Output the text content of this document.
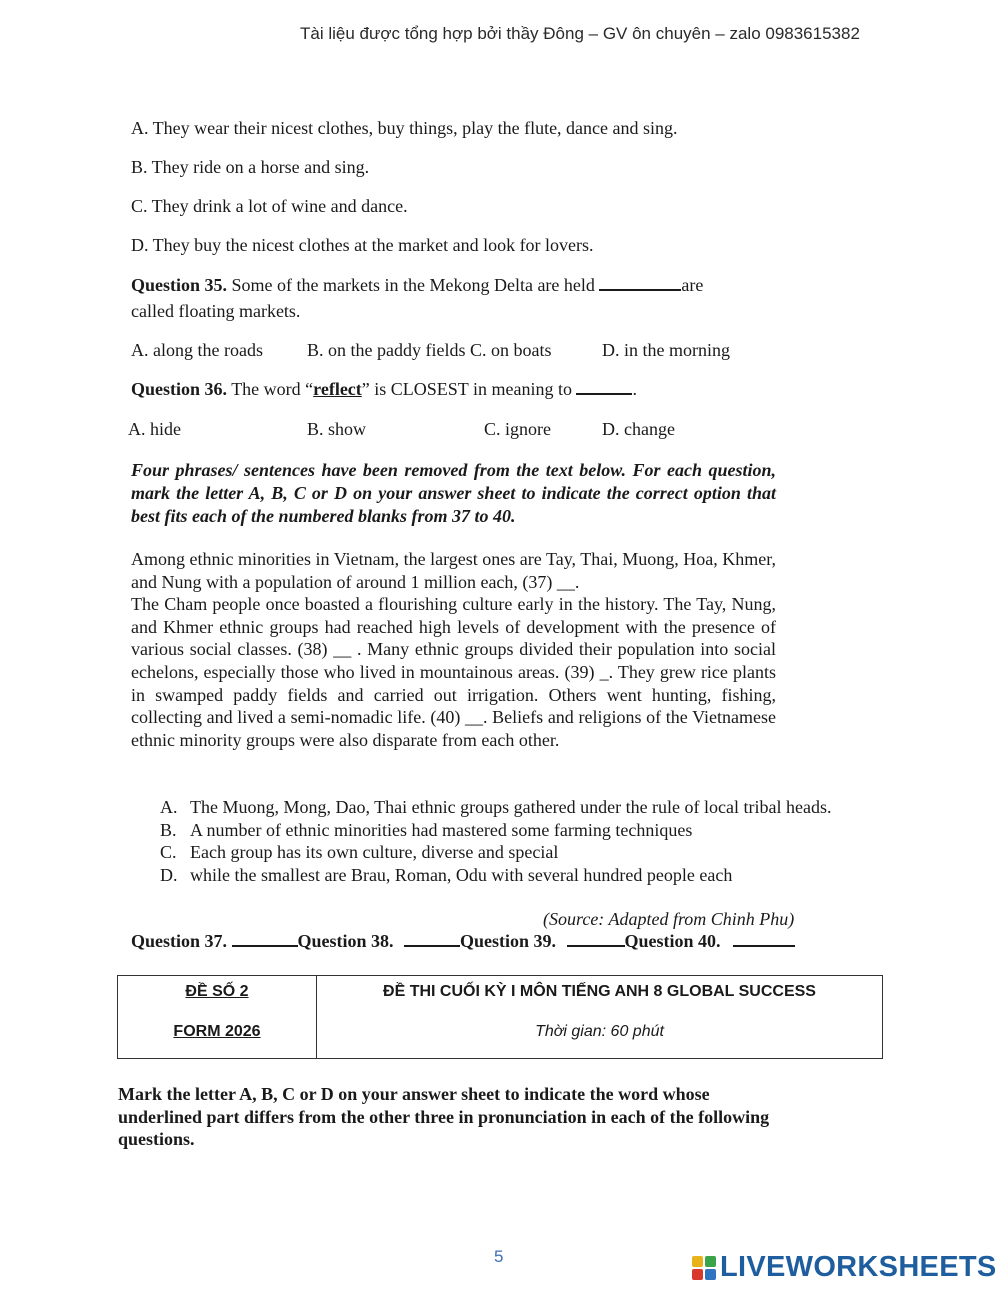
Tài liệu được tổng hợp bởi thầy Đông – GV ôn chuyên – zalo 0983615382
A. They wear their nicest clothes, buy things, play the flute, dance and sing.
B. They ride on a horse and sing.
C. They drink a lot of wine and dance.
D. They buy the nicest clothes at the market and look for lovers.
Question 35. Some of the markets in the Mekong Delta are held	are
called floating markets.
A. along the roads B. on the paddy fields C. on boats	D. in the morning
Question 36. The word “reflect” is CLOSEST in meaning to	.
A. hide	B. show	C. ignore	D. change
Four phrases/ sentences have been removed from the text below. For each question, mark the letter A, B, C or D on your answer sheet to indicate the correct option that best fits each of the numbered blanks from 37 to 40.

Among ethnic minorities in Vietnam, the largest ones are Tay, Thai, Muong, Hoa, Khmer, and Nung with a population of around 1 million each, (37) __.

The Cham people once boasted a flourishing culture early in the history. The Tay, Nung, and Khmer ethnic groups had reached high levels of development with the presence of various social classes. (38) __ . Many ethnic groups divided their population into social echelons, especially those who lived in mountainous areas. (39) _. They grew rice plants in swamped paddy fields and carried out irrigation. Others went hunting, fishing, collecting and lived a semi-nomadic life. (40) __. Beliefs and religions of the Vietnamese ethnic minority groups were also disparate from each other.

A. The Muong, Mong, Dao, Thai ethnic groups gathered under the rule of local tribal heads.
B. A number of ethnic minorities had mastered some farming techniques
C. Each group has its own culture, diverse and special
D. while the smallest are Brau, Roman, Odu with several hundred people each
(Source: Adapted from Chinh Phu)
Question 37.	Question 38.	Question 39.	Question 40.
ĐỀ SỐ 2
FORM 2026

ĐỀ THI CUỐI KỲ I MÔN TIẾNG ANH 8 GLOBAL SUCCESS
Thời gian: 60 phút
Mark the letter A, B, C or D on your answer sheet to indicate the word whose underlined part differs from the other three in pronunciation in each of the following questions.
5	LIVEWORKSHEETS
